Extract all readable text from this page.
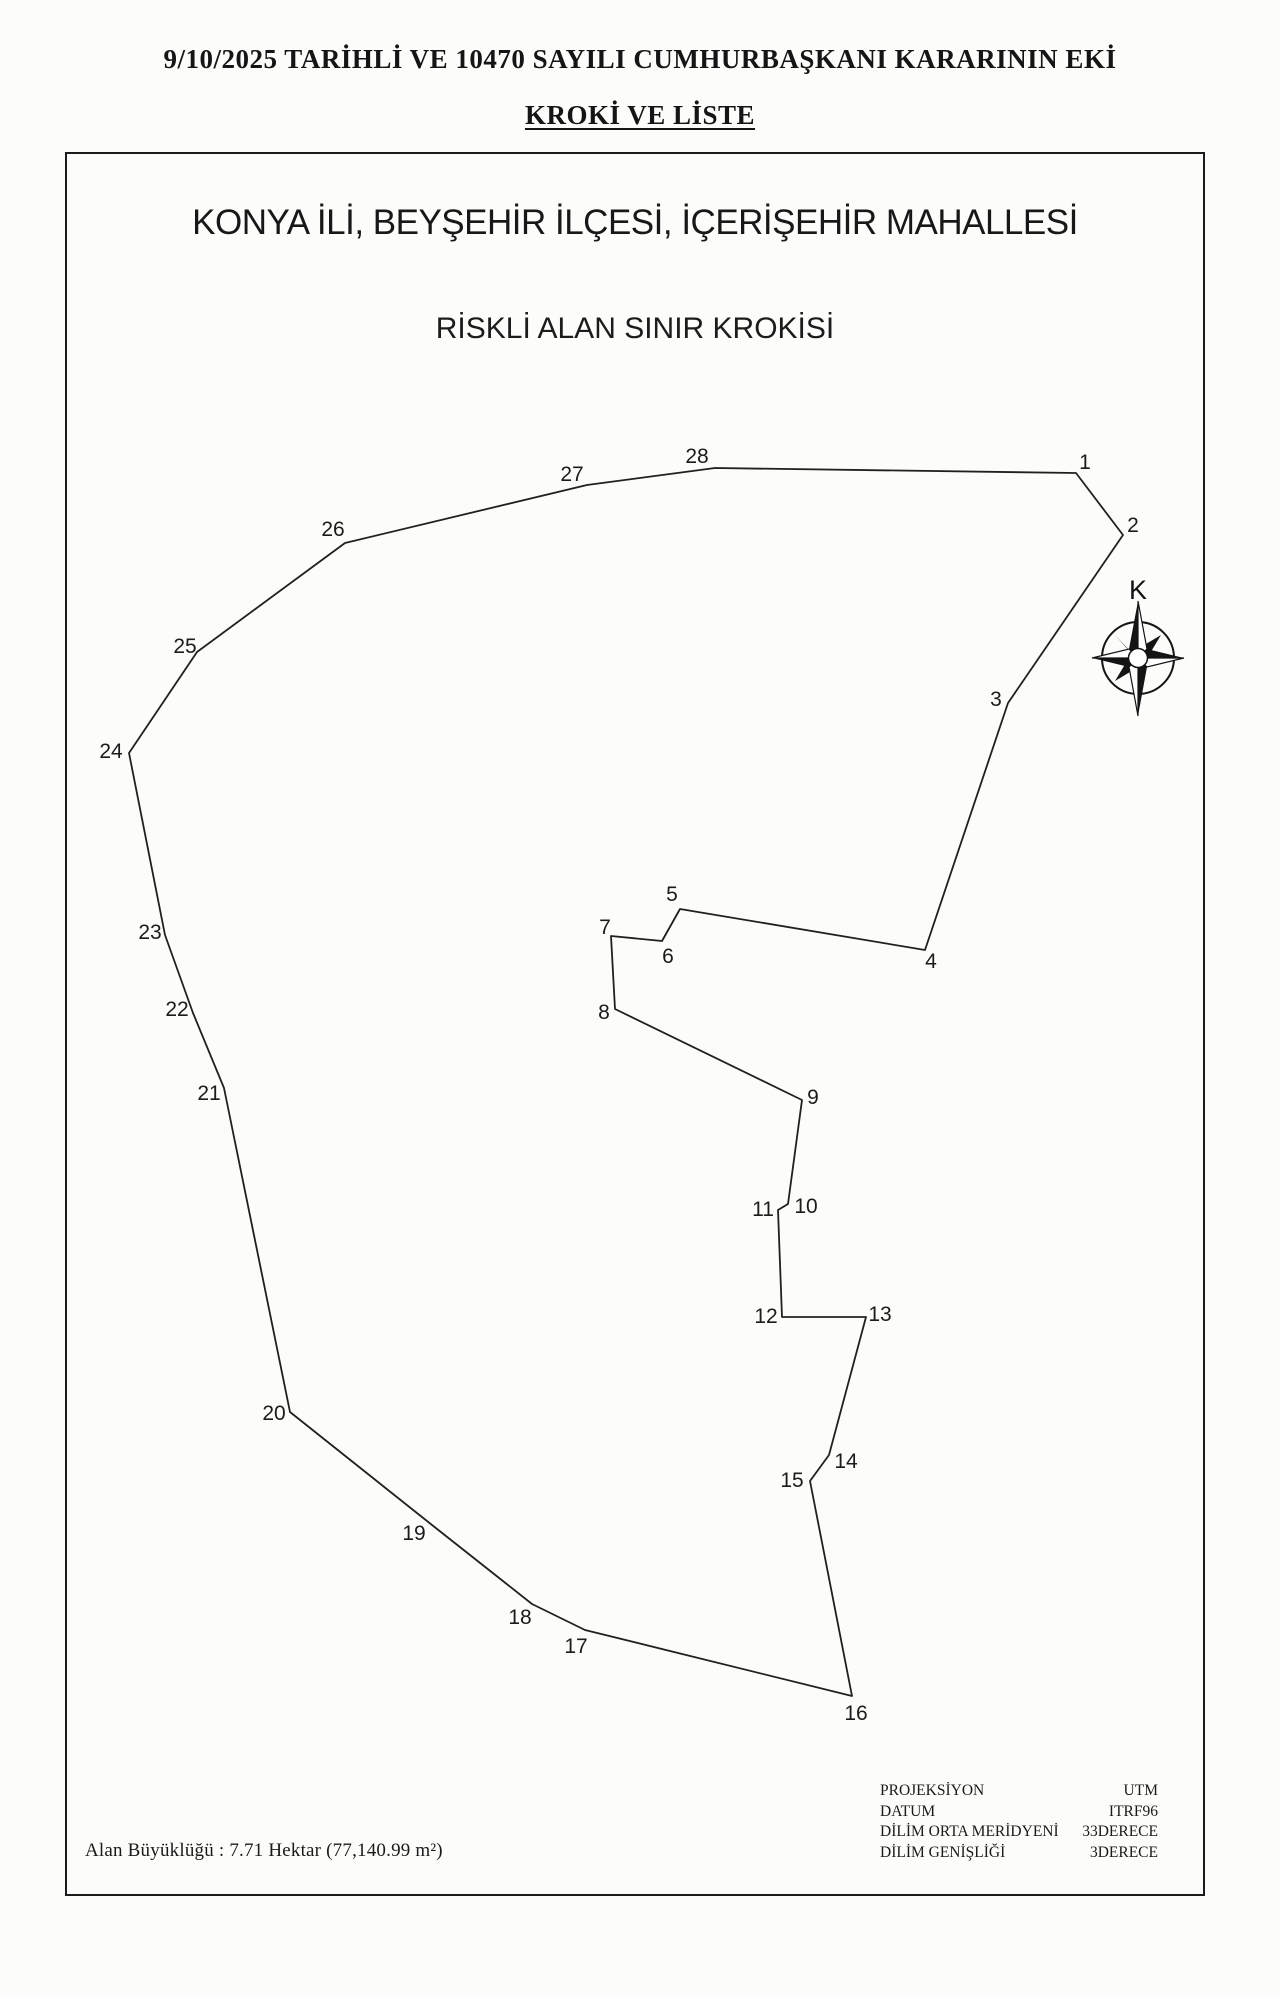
9/10/2025 TARİHLİ VE 10470 SAYILI CUMHURBAŞKANI KARARININ EKİ
KROKİ VE LİSTE
KONYA İLİ, BEYŞEHİR İLÇESİ, İÇERİŞEHİR MAHALLESİ
RİSKLİ ALAN SINIR KROKİSİ
1
2
3
4
5
6
7
8
9
10
11
12	13
14
15
16
17
18
19
20
21
22
23
24
25
26
27
28
K
Alan Büyüklüğü : 7.71 Hektar (77,140.99 m²)
PROJEKSİYON	UTM
DATUM	ITRF96
DİLİM ORTA MERİDYENİ 33DERECE
DİLİM GENİŞLİĞİ	3DERECE
